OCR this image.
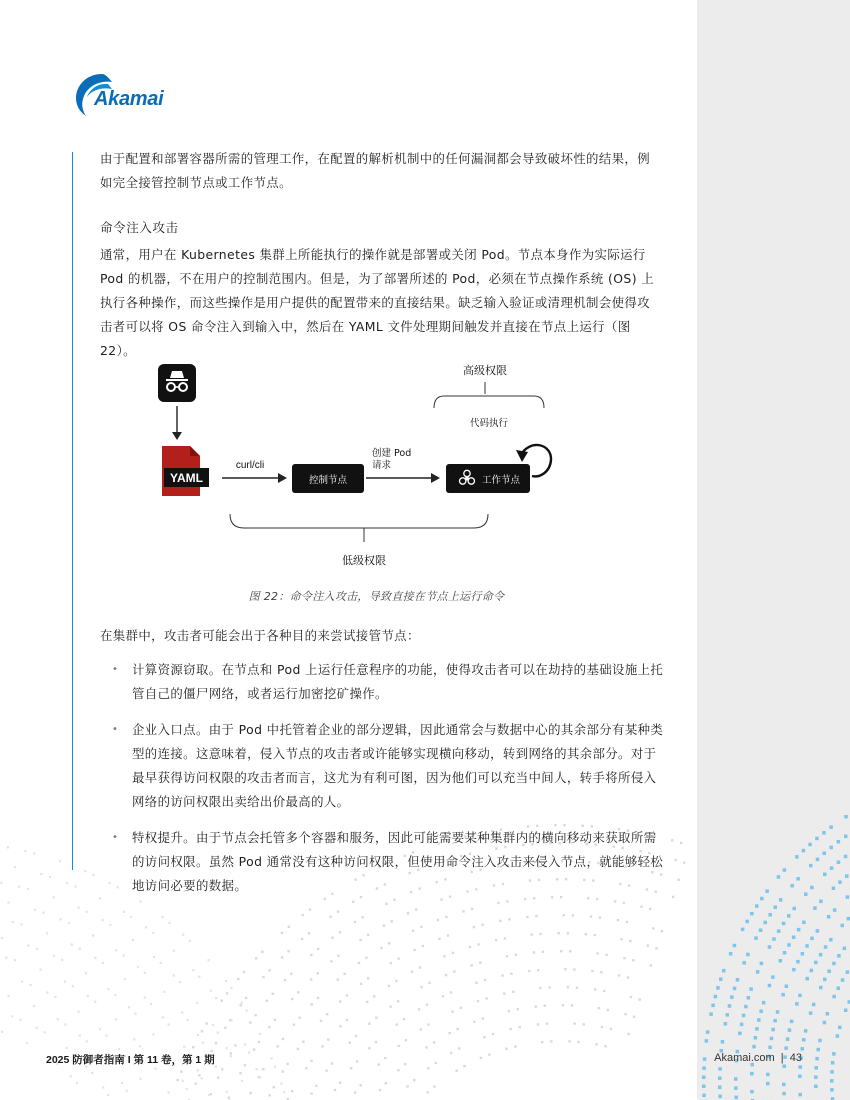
Akamai

由于配置和部署容器所需的管理工作，在配置的解析机制中的任何漏洞都会导致破坏性的结果，例如完全接管控制节点或工作节点。

命令注入攻击

通常，用户在 Kubernetes 集群上所能执行的操作就是部署或关闭 Pod。节点本身作为实际运行 Pod 的机器，不在用户的控制范围内。但是，为了部署所述的 Pod，必须在节点操作系统 (OS) 上执行各种操作，而这些操作是用户提供的配置带来的直接结果。缺乏输入验证或清理机制会使得攻击者可以将 OS 命令注入到输入中，然后在 YAML 文件处理期间触发并直接在节点上运行（图 22）。

YAML
curl/cli
控制节点
创建 Pod
请求
工作节点
高级权限
代码执行
低级权限
图 22：命令注入攻击，导致直接在节点上运行命令

在集群中，攻击者可能会出于各种目的来尝试接管节点：

• 计算资源窃取。在节点和 Pod 上运行任意程序的功能，使得攻击者可以在劫持的基础设施上托管自己的僵尸网络，或者运行加密挖矿操作。
• 企业入口点。由于 Pod 中托管着企业的部分逻辑，因此通常会与数据中心的其余部分有某种类型的连接。这意味着，侵入节点的攻击者或许能够实现横向移动，转到网络的其余部分。对于最早获得访问权限的攻击者而言，这尤为有利可图，因为他们可以充当中间人，转手将所侵入网络的访问权限出卖给出价最高的人。
• 特权提升。由于节点会托管多个容器和服务，因此可能需要某种集群内的横向移动来获取所需的访问权限。虽然 Pod 通常没有这种访问权限，但使用命令注入攻击来侵入节点，就能够轻松地访问必要的数据。
2025 防御者指南 I 第 11 卷，第 1 期	Akamai.com  |  43
